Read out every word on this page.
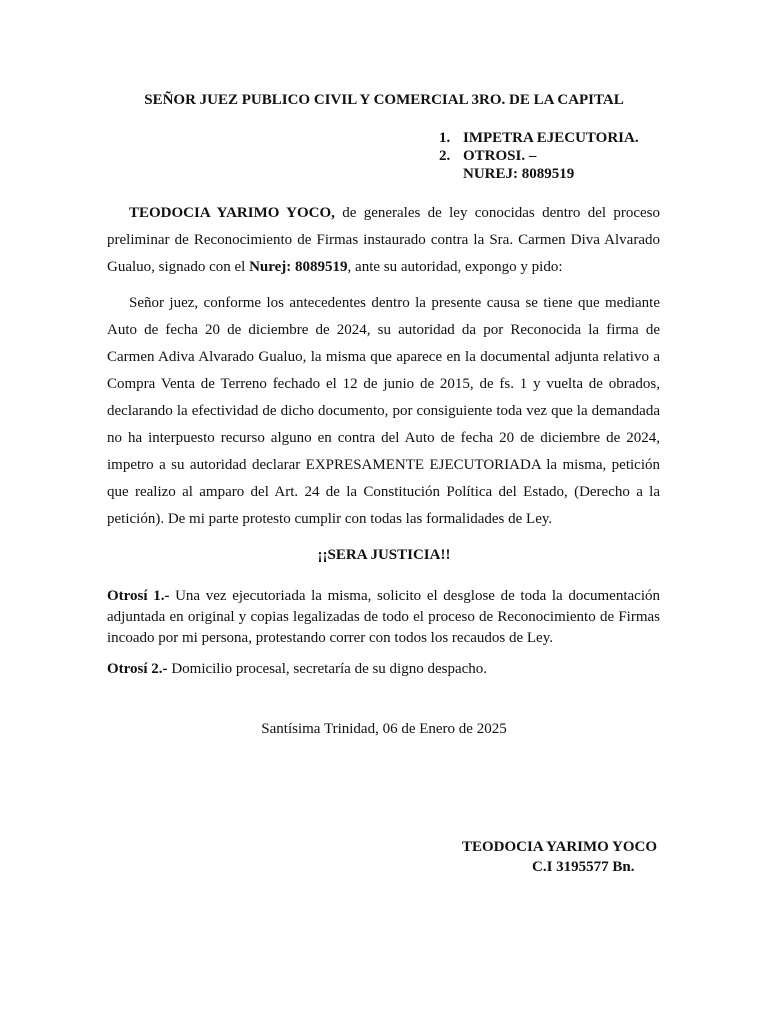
SEÑOR JUEZ PUBLICO CIVIL Y COMERCIAL 3RO. DE LA CAPITAL
1. IMPETRA EJECUTORIA.
2. OTROSI. –
NUREJ: 8089519
TEODOCIA YARIMO YOCO, de generales de ley conocidas dentro del proceso preliminar de Reconocimiento de Firmas instaurado contra la Sra. Carmen Diva Alvarado Gualuo, signado con el Nurej: 8089519, ante su autoridad, expongo y pido:
Señor juez, conforme los antecedentes dentro la presente causa se tiene que mediante Auto de fecha 20 de diciembre de 2024, su autoridad da por Reconocida la firma de Carmen Adiva Alvarado Gualuo, la misma que aparece en la documental adjunta relativo a Compra Venta de Terreno fechado el 12 de junio de 2015, de fs. 1 y vuelta de obrados, declarando la efectividad de dicho documento, por consiguiente toda vez que la demandada no ha interpuesto recurso alguno en contra del Auto de fecha 20 de diciembre de 2024, impetro a su autoridad declarar EXPRESAMENTE EJECUTORIADA la misma, petición que realizo al amparo del Art. 24 de la Constitución Política del Estado, (Derecho a la petición). De mi parte protesto cumplir con todas las formalidades de Ley.
¡¡SERA JUSTICIA!!
Otrosí 1.- Una vez ejecutoriada la misma, solicito el desglose de toda la documentación adjuntada en original y copias legalizadas de todo el proceso de Reconocimiento de Firmas incoado por mi persona, protestando correr con todos los recaudos de Ley.
Otrosí 2.- Domicilio procesal, secretaría de su digno despacho.
Santísima Trinidad, 06 de Enero de 2025
TEODOCIA YARIMO YOCO
C.I 3195577 Bn.
